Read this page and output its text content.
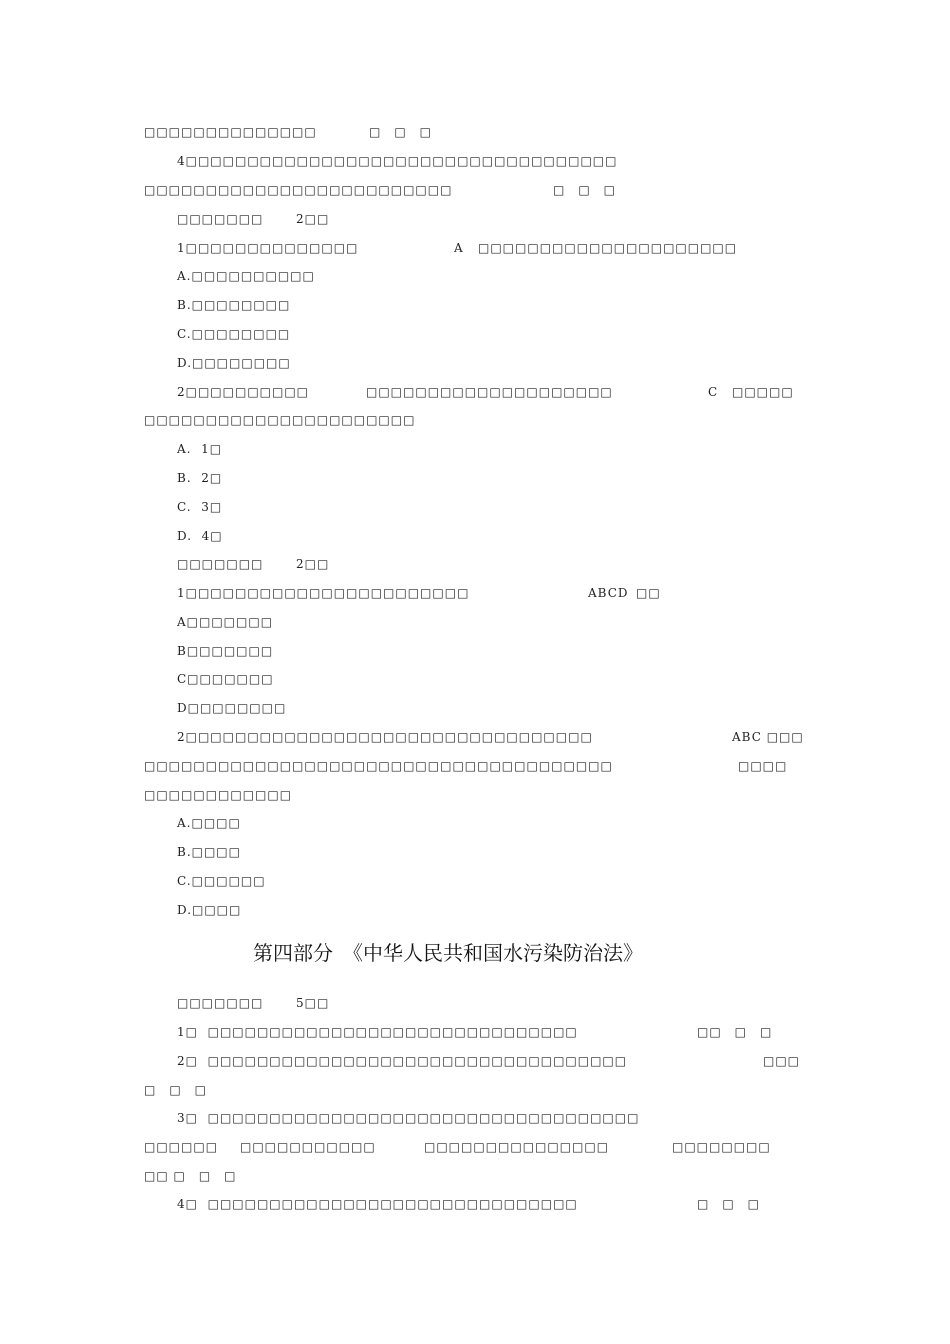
□□□□□□□□□□□□□□	□　□　□
4□□□□□□□□□□□□□□□□□□□□□□□□□□□□□□□□□□□
□□□□□□□□□□□□□□□□□□□□□□□□□	□　□　□
□□□□□□□	2□□
1□□□□□□□□□□□□□□	A □□□□□□□□□□□□□□□□□□□□□
A.□□□□□□□□□□
B.□□□□□□□□
C.□□□□□□□□
D.□□□□□□□□
2□□□□□□□□□□	□□□□□□□□□□□□□□□□□□□□	C □□□□□
□□□□□□□□□□□□□□□□□□□□□□
A.  1□
B.  2□
C.  3□
D.  4□
□□□□□□□	2□□
1□□□□□□□□□□□□□□□□□□□□□□□	ABCD □□
A□□□□□□□
B□□□□□□□
C□□□□□□□
D□□□□□□□□
2□□□□□□□□□□□□□□□□□□□□□□□□□□□□□□□□□	ABC □□□
□□□□□□□□□□□□□□□□□□□□□□□□□□□□□□□□□□□□□□	□□□□
□□□□□□□□□□□□
A.□□□□
B.□□□□
C.□□□□□□
D.□□□□
第四部分　《中华人民共和国水污染防治法》
□□□□□□□	5□□
1□  □□□□□□□□□□□□□□□□□□□□□□□□□□□□□□	□□　□　□
2□  □□□□□□□□□□□□□□□□□□□□□□□□□□□□□□□□□□	□□□
□　□　□
3□  □□□□□□□□□□□□□□□□□□□□□□□□□□□□□□□□□□□
□□□□□□ □□□□□□□□□□□	□□□□□□□□□□□□□□□	□□□□□□□□
□□ □　□　□
4□  □□□□□□□□□□□□□□□□□□□□□□□□□□□□□□	□　□　□
